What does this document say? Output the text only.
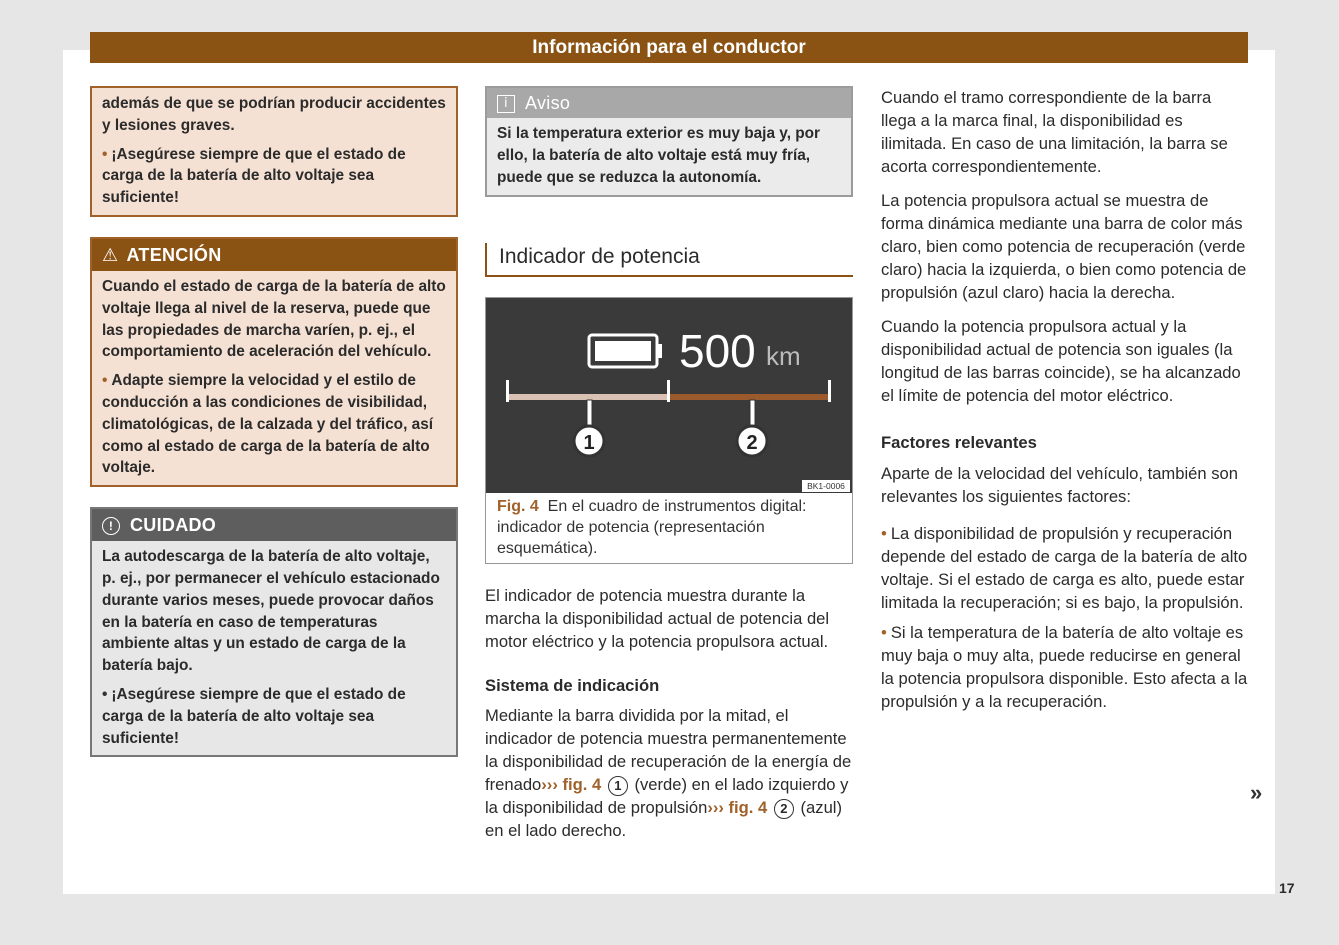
Información para el conductor

además de que se podrían producir accidentes y lesiones graves.

• ¡Asegúrese siempre de que el estado de carga de la batería de alto voltaje sea suficiente!

⚠ ATENCIÓN

Cuando el estado de carga de la batería de alto voltaje llega al nivel de la reserva, puede que las propiedades de marcha varíen, p. ej., el comportamiento de aceleración del vehículo.

• Adapte siempre la velocidad y el estilo de conducción a las condiciones de visibilidad, climatológicas, de la calzada y del tráfico, así como al estado de carga de la batería de alto voltaje.

! CUIDADO

La autodescarga de la batería de alto voltaje, p. ej., por permanecer el vehículo estacionado durante varios meses, puede provocar daños en la batería en caso de temperaturas ambiente altas y un estado de carga de la batería bajo.

• ¡Asegúrese siempre de que el estado de carga de la batería de alto voltaje sea suficiente!

i Aviso
Si la temperatura exterior es muy baja y, por ello, la batería de alto voltaje está muy fría, puede que se reduzca la autonomía.
Indicador de potencia
500 km
1	2
BK1-0006
Fig. 4 En el cuadro de instrumentos digital: indicador de potencia (representación esquemática).

El indicador de potencia muestra durante la marcha la disponibilidad actual de potencia del motor eléctrico y la potencia propulsora actual.

Sistema de indicación

Mediante la barra dividida por la mitad, el indicador de potencia muestra permanentemente la disponibilidad de recuperación de la energía de frenado››› fig. 4 1 (verde) en el lado izquierdo y la disponibilidad de propulsión››› fig. 4 2 (azul) en el lado derecho.

Cuando el tramo correspondiente de la barra llega a la marca final, la disponibilidad es ilimitada. En caso de una limitación, la barra se acorta correspondientemente.

La potencia propulsora actual se muestra de forma dinámica mediante una barra de color más claro, bien como potencia de recuperación (verde claro) hacia la izquierda, o bien como potencia de propulsión (azul claro) hacia la derecha.

Cuando la potencia propulsora actual y la disponibilidad actual de potencia son iguales (la longitud de las barras coincide), se ha alcanzado el límite de potencia del motor eléctrico.

Factores relevantes

Aparte de la velocidad del vehículo, también son relevantes los siguientes factores:

• La disponibilidad de propulsión y recuperación depende del estado de carga de la batería de alto voltaje. Si el estado de carga es alto, puede estar limitada la recuperación; si es bajo, la propulsión.

• Si la temperatura de la batería de alto voltaje es muy baja o muy alta, puede reducirse en general la potencia propulsora disponible. Esto afecta a la propulsión y a la recuperación.

»
17
